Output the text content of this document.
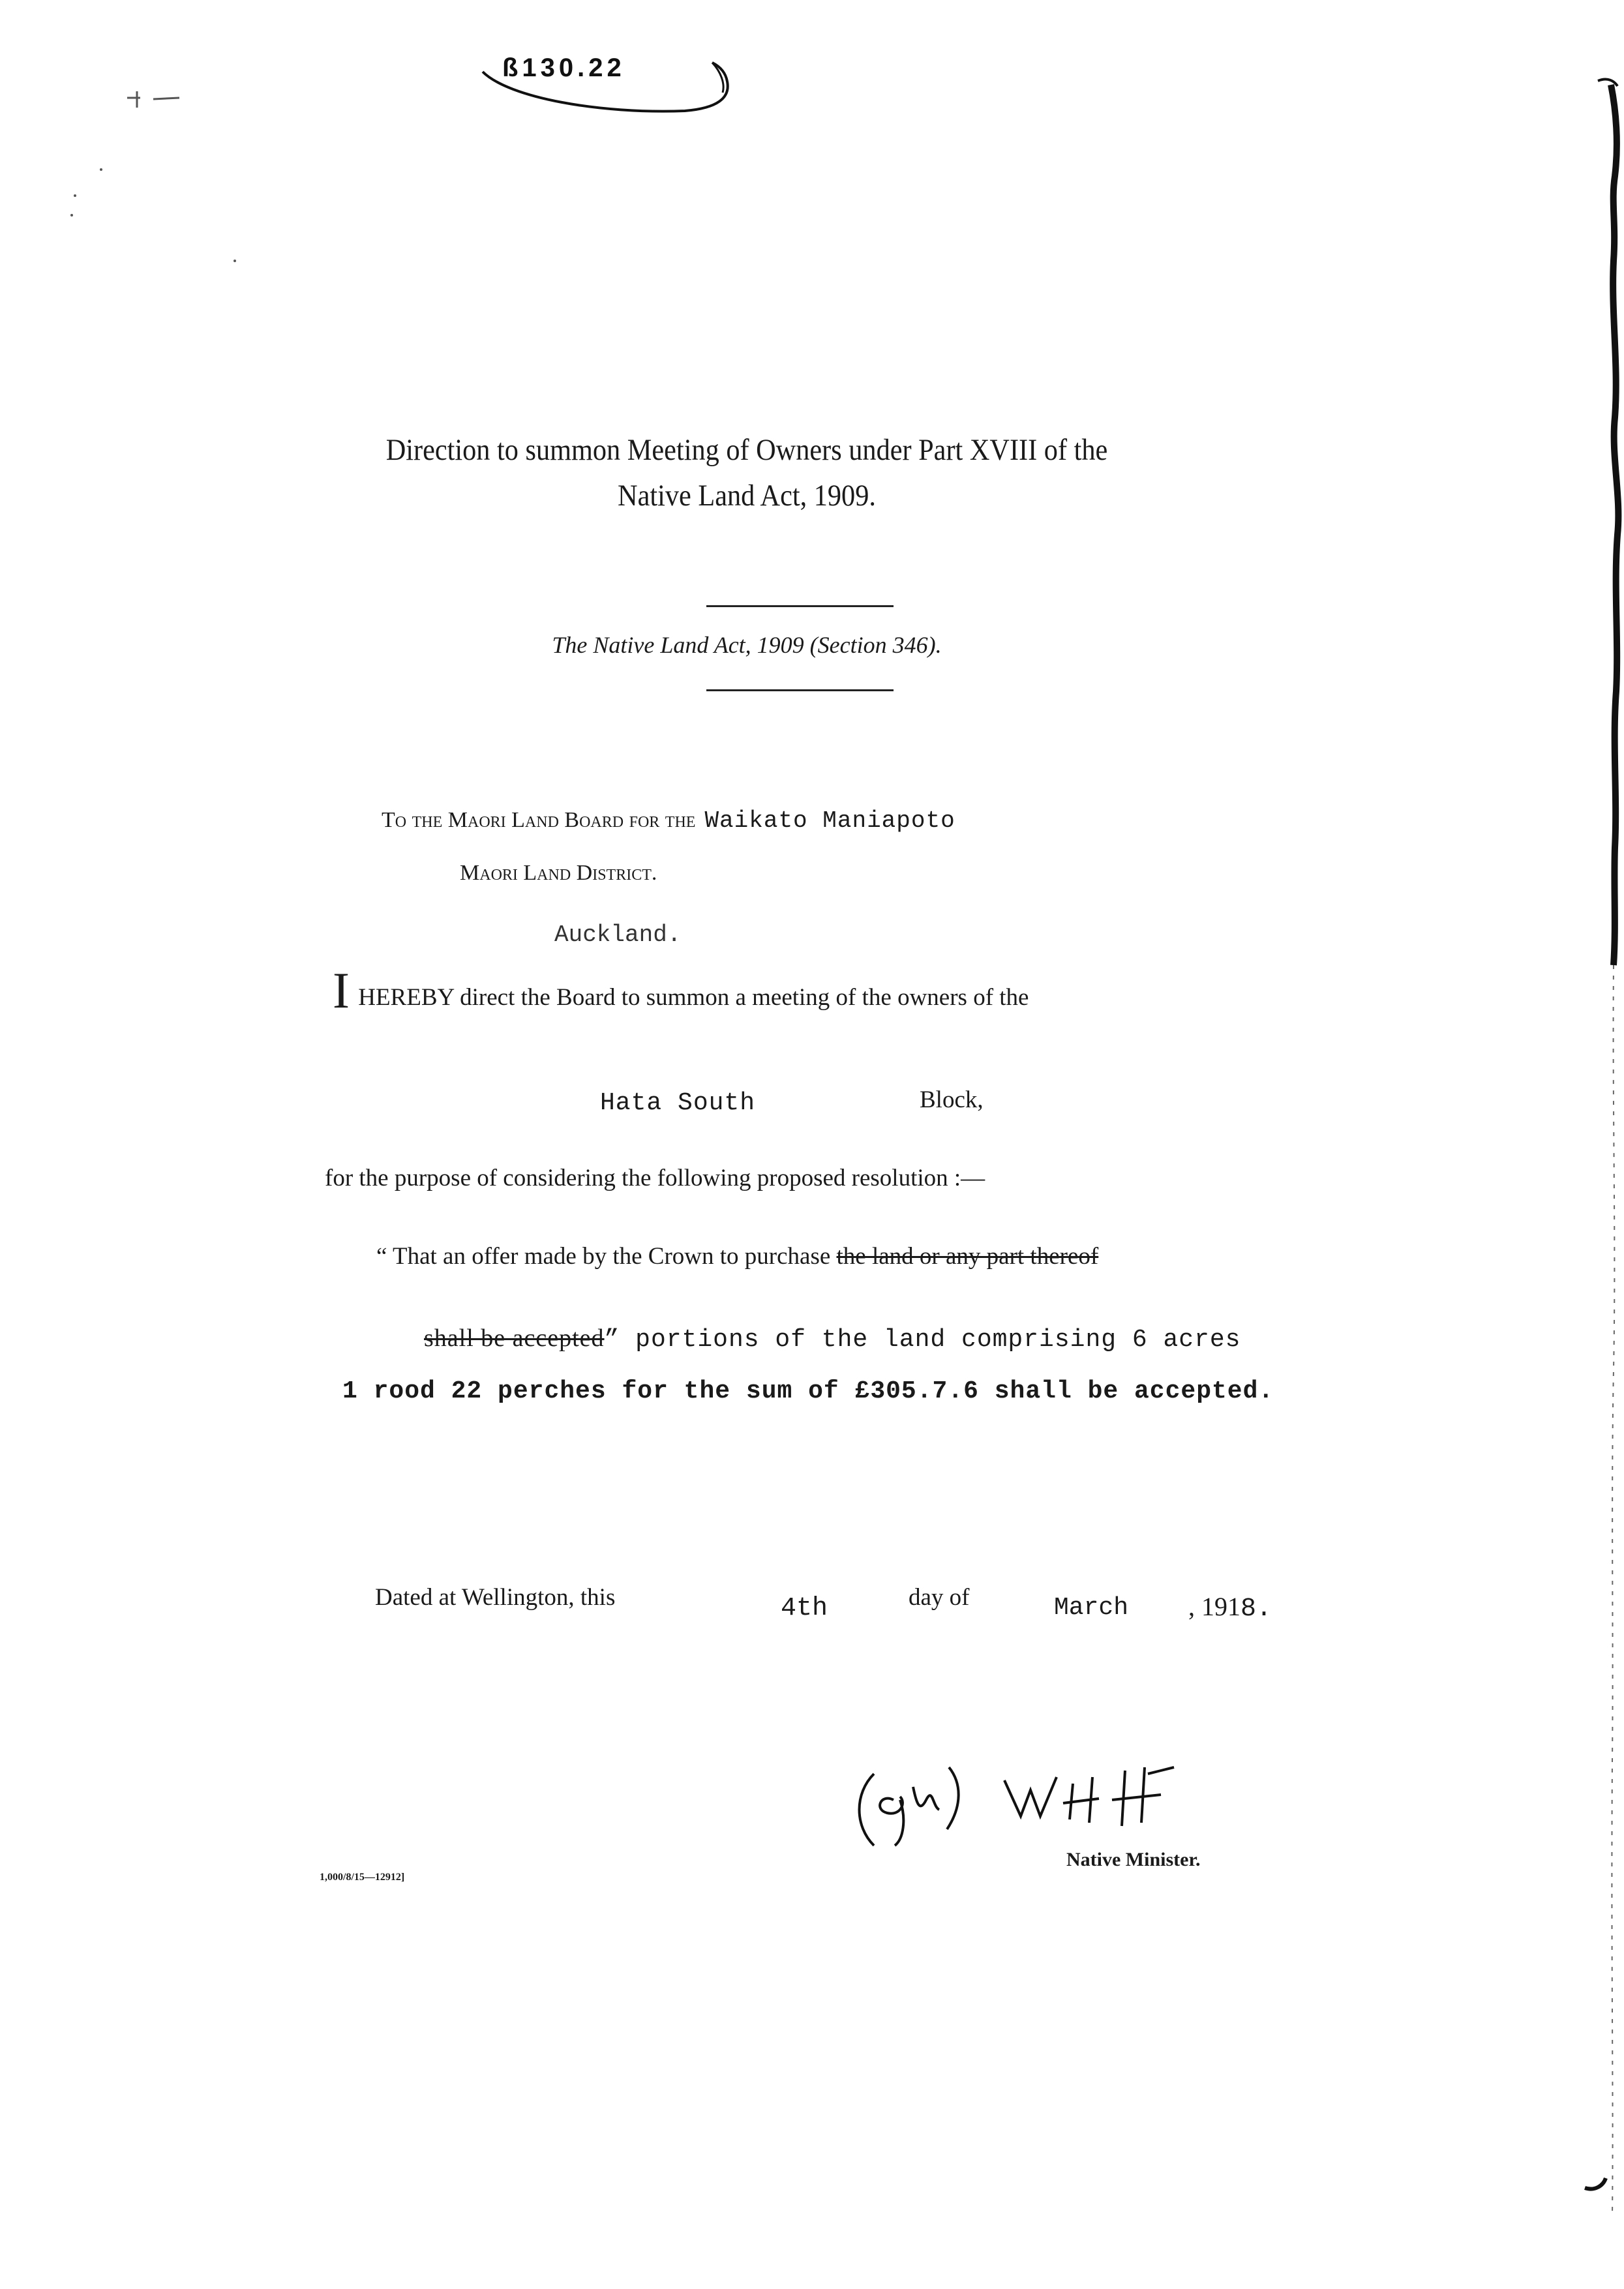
ß130.22
Direction to summon Meeting of Owners under Part XVIII of the
Native Land Act, 1909.
The Native Land Act, 1909 (Section 346).
To the Maori Land Board for the Waikato Maniapoto
Maori Land District.
Auckland.
I HEREBY direct the Board to summon a meeting of the owners of the
Hata South	Block,
for the purpose of considering the following proposed resolution :—
“ That an offer made by the Crown to purchase the land or any part thereof
shall be accepted” portions of the land comprising 6 acres
1 rood 22 perches for the sum of £305.7.6 shall be accepted.
Dated at Wellington, this	4th	day of	March , 1918.
Native Minister.
1,000/8/15—12912]
